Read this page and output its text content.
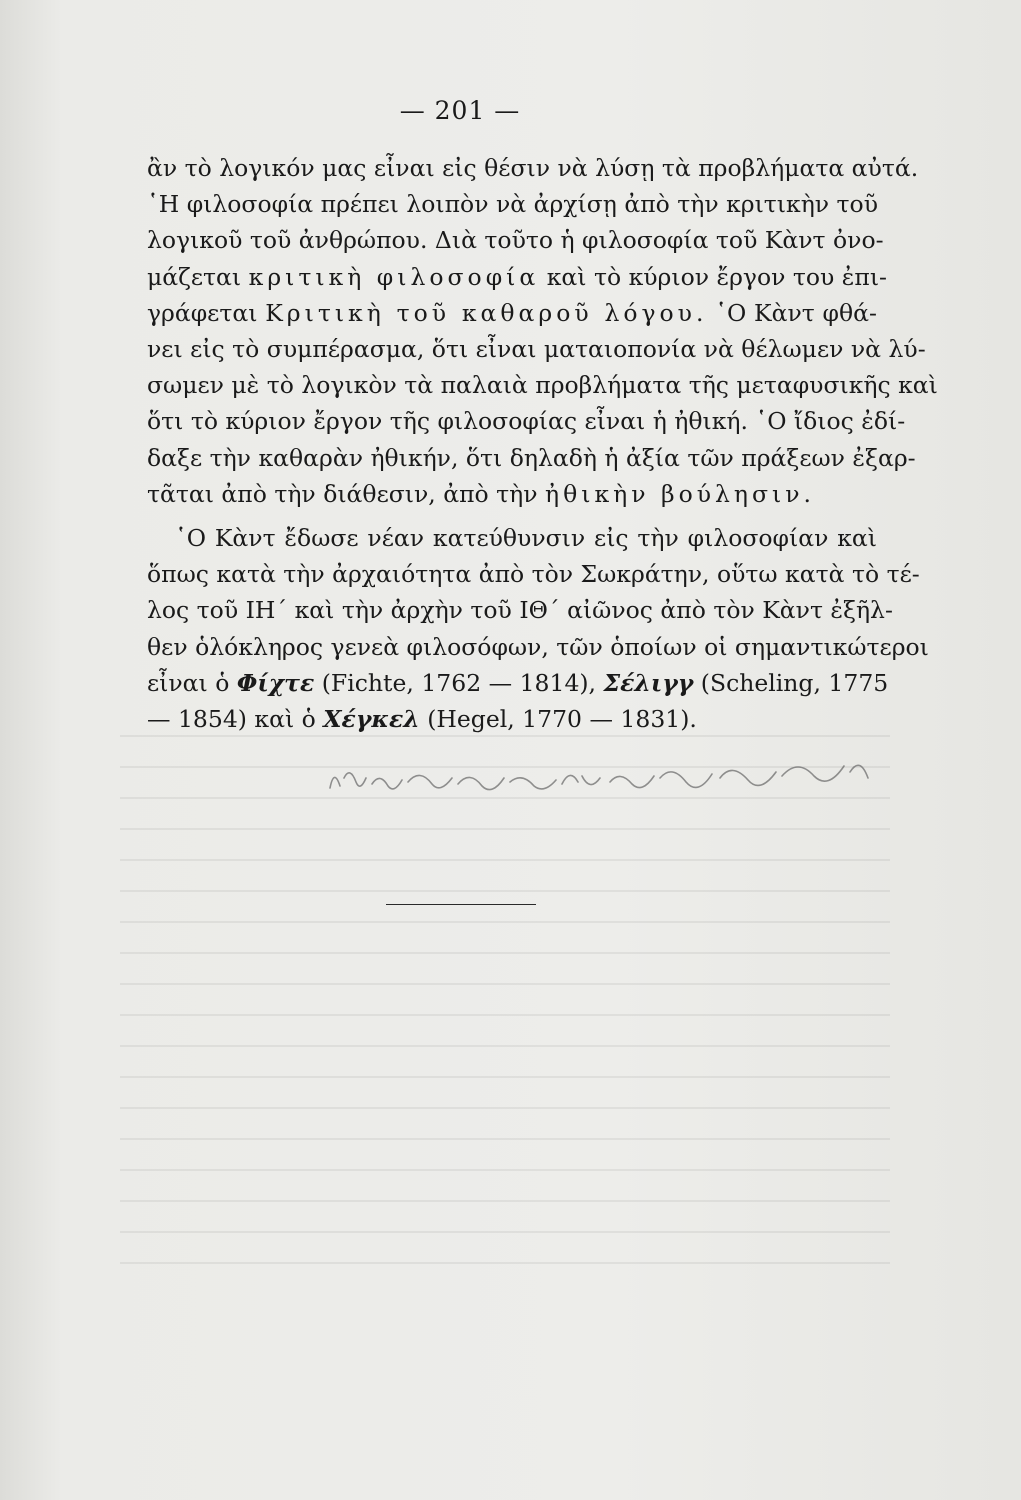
— 201 —
ἂν τὸ λογικόν μας εἶναι εἰς θέσιν νὰ λύσῃ τὰ προβλήματα αὐτά.
῾Η φιλοσοφία πρέπει λοιπὸν νὰ ἀρχίσῃ ἀπὸ τὴν κριτικὴν τοῦ
λογικοῦ τοῦ ἀνθρώπου. Διὰ τοῦτο ἡ φιλοσοφία τοῦ Κὰντ ὀνο-
μάζεται κριτικὴ φιλοσοφία καὶ τὸ κύριον ἔργον του ἐπι-
γράφεται Κριτικὴ τοῦ καθαροῦ λόγου. ῾Ο Κὰντ φθά-
νει εἰς τὸ συμπέρασμα, ὅτι εἶναι ματαιοπονία νὰ θέλωμεν νὰ λύ-
σωμεν μὲ τὸ λογικὸν τὰ παλαιὰ προβλήματα τῆς μεταφυσικῆς καὶ
ὅτι τὸ κύριον ἔργον τῆς φιλοσοφίας εἶναι ἡ ἠθική. ῾Ο ἴδιος ἐδί-
δαξε τὴν καθαρὰν ἠθικήν, ὅτι δηλαδὴ ἡ ἀξία τῶν πράξεων ἐξαρ-
τᾶται ἀπὸ τὴν διάθεσιν, ἀπὸ τὴν ἠθικὴν βούλησιν.
῾Ο Κὰντ ἔδωσε νέαν κατεύθυνσιν εἰς τὴν φιλοσοφίαν καὶ
ὅπως κατὰ τὴν ἀρχαιότητα ἀπὸ τὸν Σωκράτην, οὕτω κατὰ τὸ τέ-
λος τοῦ ΙΗ΄ καὶ τὴν ἀρχὴν τοῦ ΙΘ΄ αἰῶνος ἀπὸ τὸν Κὰντ ἐξῆλ-
θεν ὁλόκληρος γενεὰ φιλοσόφων, τῶν ὁποίων οἱ σημαντικώτεροι
εἶναι ὁ Φίχτε (Fichte, 1762 — 1814), Σέλιγγ (Scheling, 1775
— 1854) καὶ ὁ Χέγκελ (Hegel, 1770 — 1831).
